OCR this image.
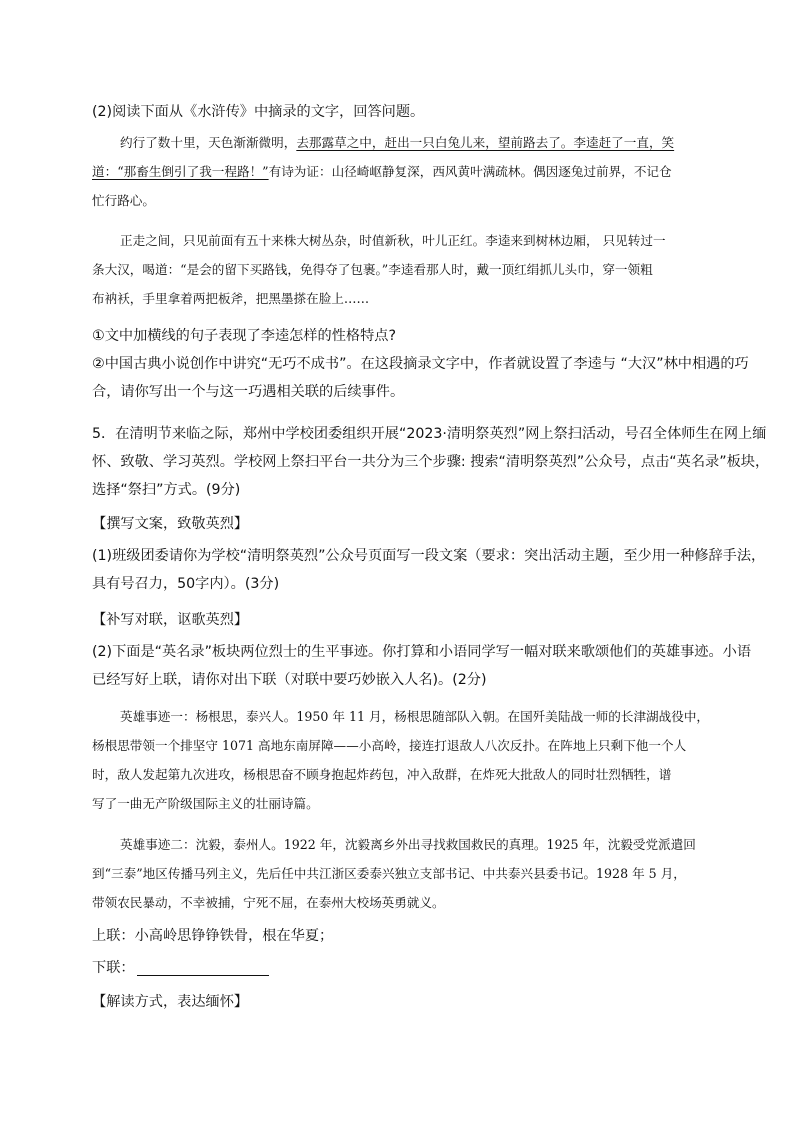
(2)阅读下面从《水浒传》中摘录的文字，回答问题。
约行了数十里，天色渐渐微明，去那露草之中，赶出一只白兔儿来，望前路去了。李逵赶了一直，笑
道：“那畜生倒引了我一程路！”有诗为证：山径崎岖静复深，西风黄叶满疏林。偶因逐兔过前界，不记仓
忙行路心。
正走之间，只见前面有五十来株大树丛杂，时值新秋，叶儿正红。李逵来到树林边厢， 只见转过一
条大汉，喝道：“是会的留下买路钱，免得夺了包裹。”李逵看那人时，戴一顶红绢抓儿头巾，穿一领粗
布衲袄，手里拿着两把板斧，把黑墨搽在脸上……
①文中加横线的句子表现了李逵怎样的性格特点?
②中国古典小说创作中讲究“无巧不成书”。在这段摘录文字中，作者就设置了李逵与 “大汉”林中相遇的巧
合，请你写出一个与这一巧遇相关联的后续事件。
5．在清明节来临之际，郑州中学校团委组织开展“2023·清明祭英烈”网上祭扫活动，号召全体师生在网上缅
怀、致敬、学习英烈。学校网上祭扫平台一共分为三个步骤: 搜索“清明祭英烈”公众号，点击“英名录”板块，
选择“祭扫”方式。(9分)
【撰写文案，致敬英烈】
(1)班级团委请你为学校“清明祭英烈”公众号页面写一段文案（要求：突出活动主题，至少用一种修辞手法，
具有号召力，50字内）。(3分)
【补写对联，讴歌英烈】
(2)下面是“英名录”板块两位烈士的生平事迹。你打算和小语同学写一幅对联来歌颂他们的英雄事迹。小语
已经写好上联，请你对出下联（对联中要巧妙嵌入人名)。(2分)
英雄事迹一：杨根思，泰兴人。1950 年 11 月，杨根思随部队入朝。在国歼美陆战一师的长津湖战役中，
杨根思带领一个排坚守 1071 高地东南屏障——小高岭，接连打退敌人八次反扑。在阵地上只剩下他一个人
时，敌人发起第九次进攻，杨根思奋不顾身抱起炸药包，冲入敌群，在炸死大批敌人的同时壮烈牺牲，谱
写了一曲无产阶级国际主义的壮丽诗篇。
英雄事迹二：沈毅，泰州人。1922 年，沈毅离乡外出寻找救国救民的真理。1925 年，沈毅受党派遣回
到“三泰”地区传播马列主义，先后任中共江浙区委泰兴独立支部书记、中共泰兴县委书记。1928 年 5 月，
带领农民暴动，不幸被捕，宁死不屈，在泰州大校场英勇就义。
上联：小高岭思铮铮铁骨，根在华夏；
下联：
【解读方式，表达缅怀】
